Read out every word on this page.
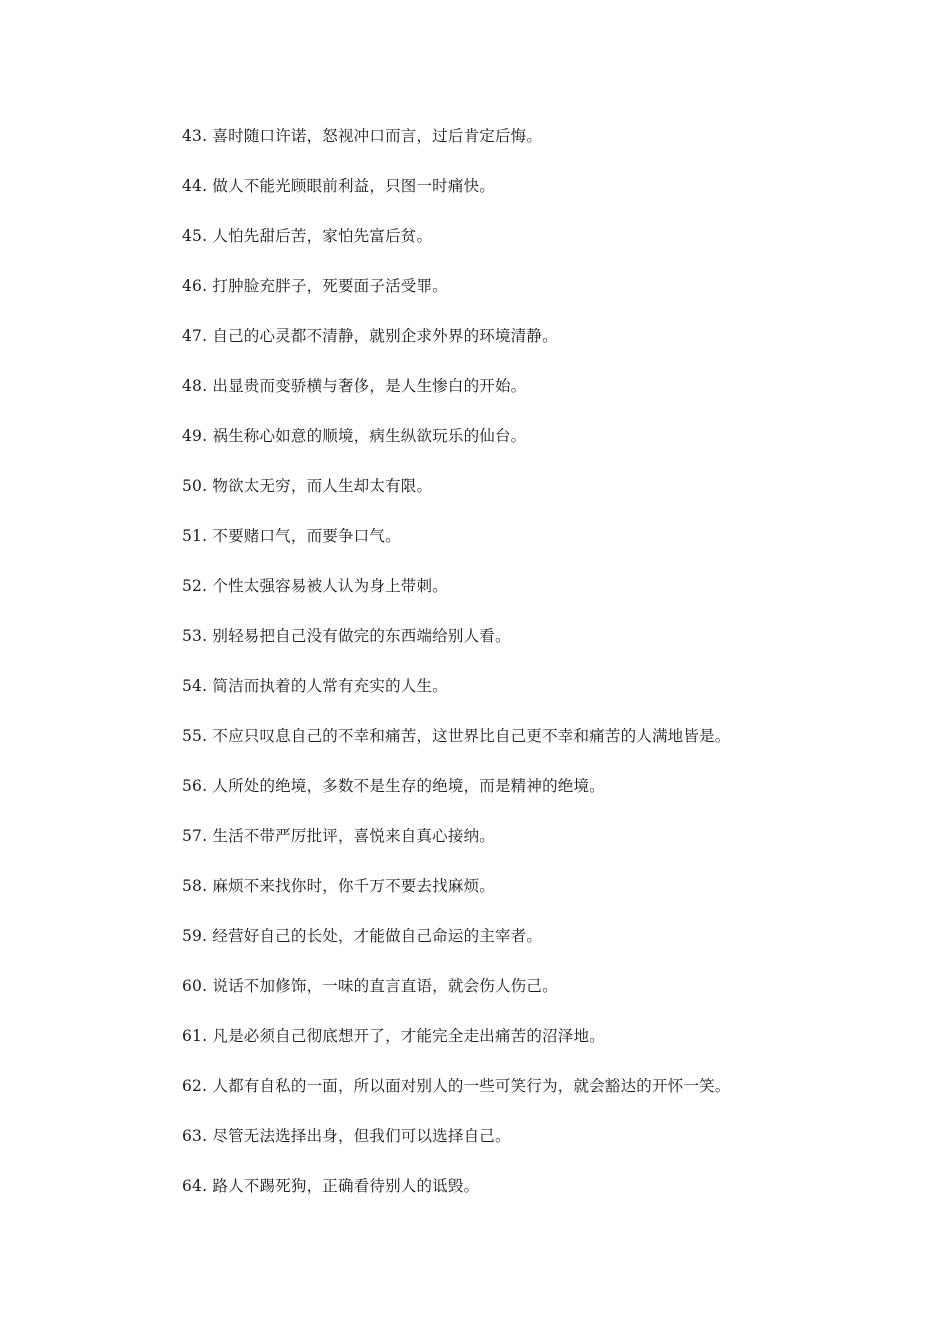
43. 喜时随口许诺，怒视冲口而言，过后肯定后悔。
44. 做人不能光顾眼前利益，只图一时痛快。
45. 人怕先甜后苦，家怕先富后贫。
46. 打肿脸充胖子，死要面子活受罪。
47. 自己的心灵都不清静，就别企求外界的环境清静。
48. 出显贵而变骄横与奢侈，是人生惨白的开始。
49. 祸生称心如意的顺境，病生纵欲玩乐的仙台。
50. 物欲太无穷，而人生却太有限。
51. 不要赌口气，而要争口气。
52. 个性太强容易被人认为身上带刺。
53. 别轻易把自己没有做完的东西端给别人看。
54. 简洁而执着的人常有充实的人生。
55. 不应只叹息自己的不幸和痛苦，这世界比自己更不幸和痛苦的人满地皆是。
56. 人所处的绝境，多数不是生存的绝境，而是精神的绝境。
57. 生活不带严厉批评，喜悦来自真心接纳。
58. 麻烦不来找你时，你千万不要去找麻烦。
59. 经营好自己的长处，才能做自己命运的主宰者。
60. 说话不加修饰，一味的直言直语，就会伤人伤己。
61. 凡是必须自己彻底想开了，才能完全走出痛苦的沼泽地。
62. 人都有自私的一面，所以面对别人的一些可笑行为，就会豁达的开怀一笑。
63. 尽管无法选择出身，但我们可以选择自己。
64. 路人不踢死狗，正确看待别人的诋毁。
